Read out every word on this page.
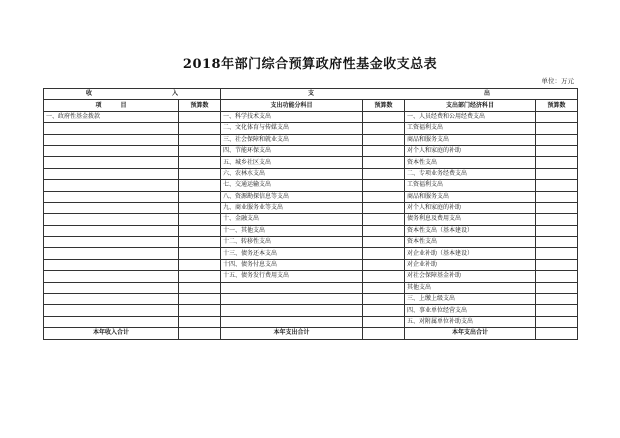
2018年部门综合预算政府性基金收支总表
单位：万元
收 入		支 出			

项 目	预算数	支出功能分科目	预算数	支出部门经济科目	预算数
一、政府性基金拨款		一、科学技术支出		一、人员经费和公用经费支出	
		二、文化体育与传媒支出		工资福利支出	
		三、社会保障和就业支出		商品和服务支出	
		四、节能环保支出		对个人和家庭的补助	
		五、城乡社区支出		资本性支出	
		六、农林水支出		二、专项业务经费支出	
		七、交通运输支出		工资福利支出	
		八、资源勘探信息等支出		商品和服务支出	
		九、商业服务业等支出		对个人和家庭的补助	
		十、金融支出		债务利息及费用支出	
		十一、其他支出		资本性支出（基本建设）	
		十二、转移性支出		资本性支出	
		十三、债务还本支出		对企业补助（基本建设）	
		十四、债务付息支出		对企业补助	
		十五、债务发行费用支出		对社会保障基金补助	
				其他支出	
				三、上缴上级支出	
				四、事业单位经营支出	
				五、对附属单位补助支出	
本年收入合计		本年支出合计		本年支出合计	
